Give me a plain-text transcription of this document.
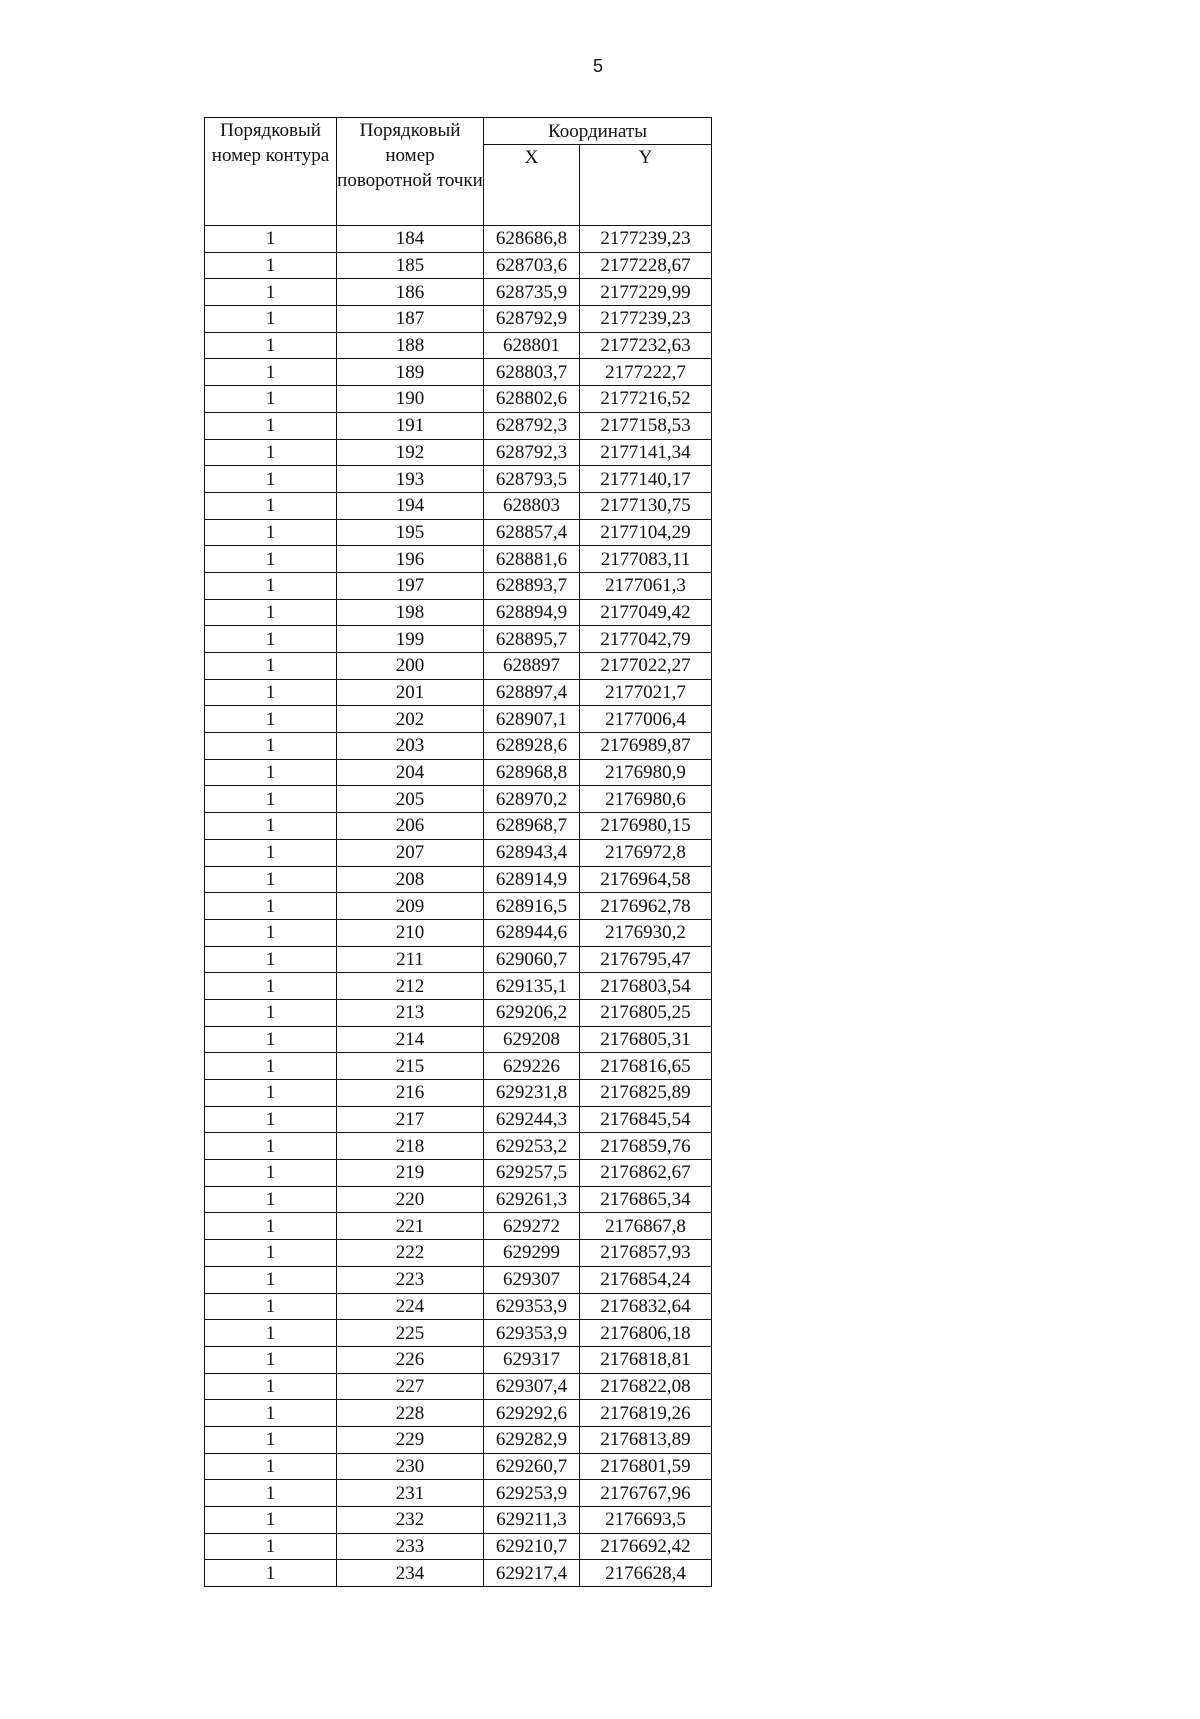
5
Порядковый номер контура	Порядковый номер поворотной точки	Координаты	
		X	Y
1	184	628686,8	2177239,23
1	185	628703,6	2177228,67
1	186	628735,9	2177229,99
1	187	628792,9	2177239,23
1	188	628801	2177232,63
1	189	628803,7	2177222,7
1	190	628802,6	2177216,52
1	191	628792,3	2177158,53
1	192	628792,3	2177141,34
1	193	628793,5	2177140,17
1	194	628803	2177130,75
1	195	628857,4	2177104,29
1	196	628881,6	2177083,11
1	197	628893,7	2177061,3
1	198	628894,9	2177049,42
1	199	628895,7	2177042,79
1	200	628897	2177022,27
1	201	628897,4	2177021,7
1	202	628907,1	2177006,4
1	203	628928,6	2176989,87
1	204	628968,8	2176980,9
1	205	628970,2	2176980,6
1	206	628968,7	2176980,15
1	207	628943,4	2176972,8
1	208	628914,9	2176964,58
1	209	628916,5	2176962,78
1	210	628944,6	2176930,2
1	211	629060,7	2176795,47
1	212	629135,1	2176803,54
1	213	629206,2	2176805,25
1	214	629208	2176805,31
1	215	629226	2176816,65
1	216	629231,8	2176825,89
1	217	629244,3	2176845,54
1	218	629253,2	2176859,76
1	219	629257,5	2176862,67
1	220	629261,3	2176865,34
1	221	629272	2176867,8
1	222	629299	2176857,93
1	223	629307	2176854,24
1	224	629353,9	2176832,64
1	225	629353,9	2176806,18
1	226	629317	2176818,81
1	227	629307,4	2176822,08
1	228	629292,6	2176819,26
1	229	629282,9	2176813,89
1	230	629260,7	2176801,59
1	231	629253,9	2176767,96
1	232	629211,3	2176693,5
1	233	629210,7	2176692,42
1	234	629217,4	2176628,4
